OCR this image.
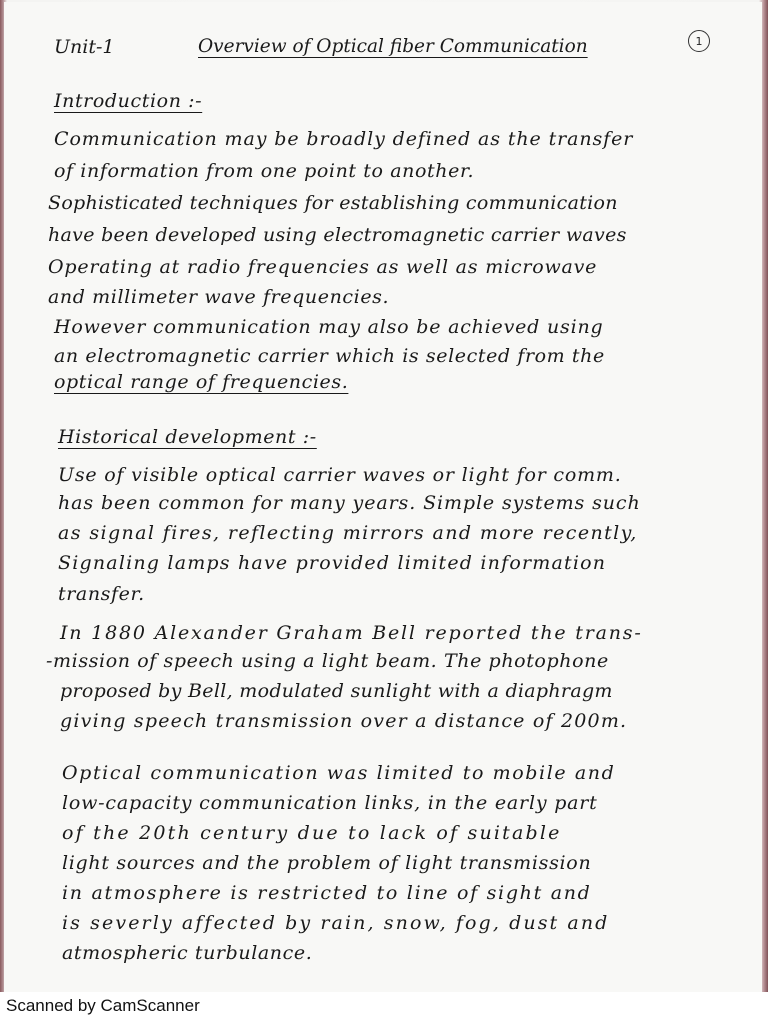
Unit-1	Overview of Optical fiber Communication	1
Introduction :-
Communication may be broadly defined as the transfer
of information from one point to another.
Sophisticated techniques for establishing communication
have been developed using electromagnetic carrier waves
Operating at radio frequencies as well as microwave
and millimeter wave frequencies.
However communication may also be achieved using
an electromagnetic carrier which is selected from the
optical range of frequencies.
Historical development :-
Use of visible optical carrier waves or light for comm.
has been common for many years. Simple systems such
as signal fires, reflecting mirrors and more recently,
Signaling lamps have provided limited information
transfer.
In 1880 Alexander Graham Bell reported the trans-
-mission of speech using a light beam. The photophone
proposed by Bell, modulated sunlight with a diaphragm
giving speech transmission over a distance of 200m.
Optical communication was limited to mobile and
low-capacity communication links, in the early part
of the 20th century due to lack of suitable
light sources and the problem of light transmission
in atmosphere is restricted to line of sight and
is severly affected by rain, snow, fog, dust and
atmospheric turbulance.
Scanned by CamScanner
